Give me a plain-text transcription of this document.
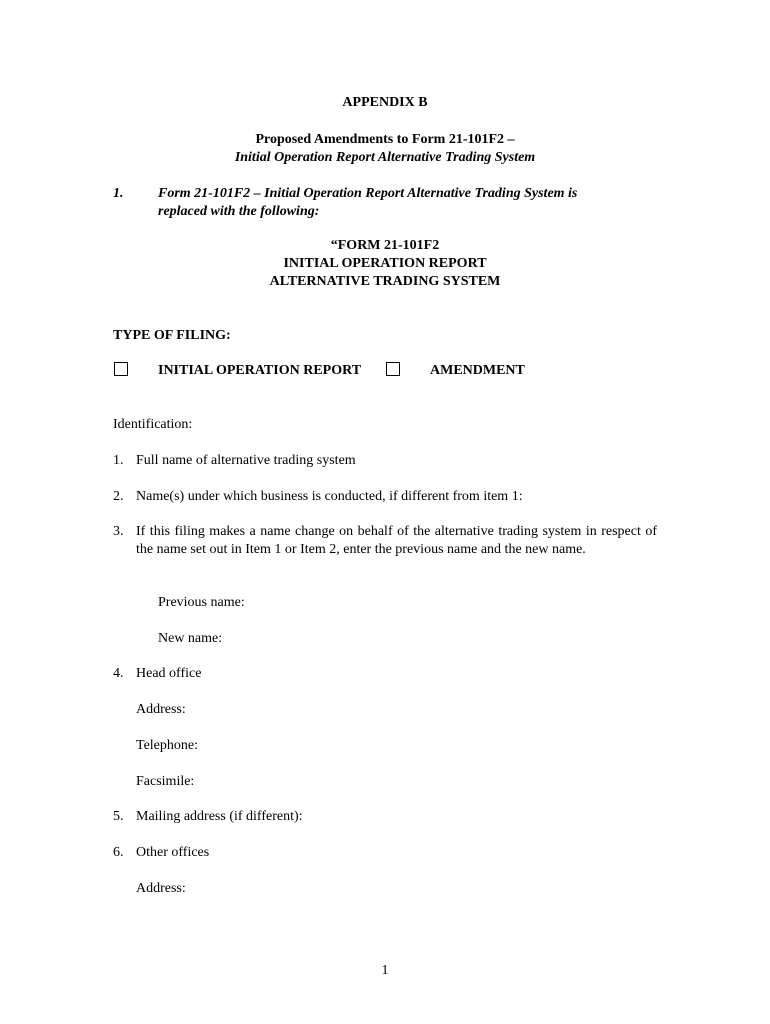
APPENDIX B
Proposed Amendments to Form 21-101F2 –
Initial Operation Report Alternative Trading System
1. Form 21-101F2 – Initial Operation Report Alternative Trading System is
replaced with the following:
“FORM 21-101F2
INITIAL OPERATION REPORT
ALTERNATIVE TRADING SYSTEM
TYPE OF FILING:
INITIAL OPERATION REPORT	AMENDMENT
Identification:
1. Full name of alternative trading system
2. Name(s) under which business is conducted, if different from item 1:
3. If this filing makes a name change on behalf of the alternative trading system in respect of the name set out in Item 1 or Item 2, enter the previous name and the new name.
Previous name:
New name:
4. Head office
Address:
Telephone:
Facsimile:
5. Mailing address (if different):
6. Other offices
Address:
1
